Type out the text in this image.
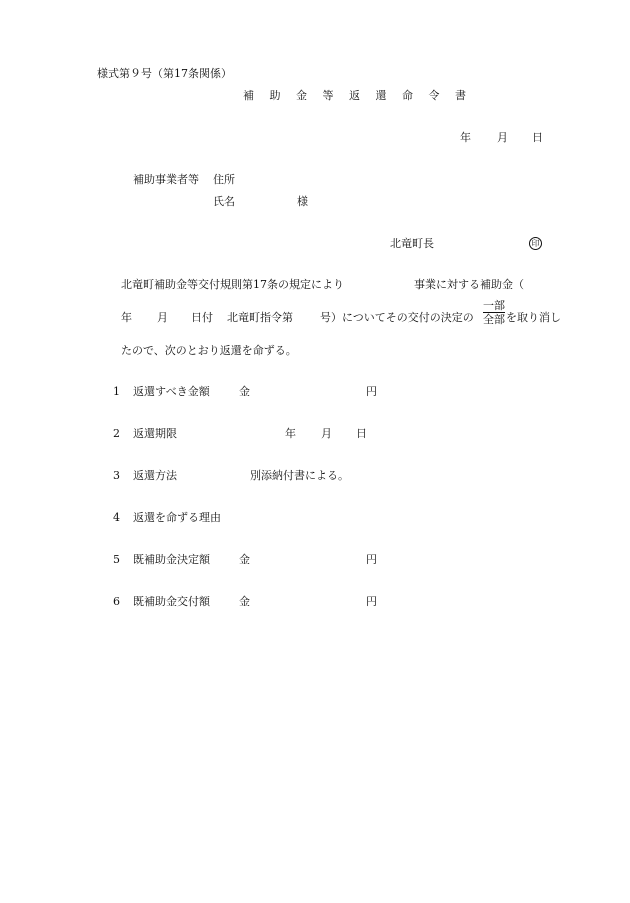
様式第９号（第17条関係）
補 助 金 等 返 還 命 令 書
年 月 日
補助事業者等 住所
氏名	様
北竜町長	印
北竜町補助金等交付規則第17条の規定により	事業に対する補助金（
年 月 日付 北竜町指令第 号）についてその交付の決定の
一部
全部 を取り消し
たので、次のとおり返還を命ずる。
1 返還すべき金額	金	円
2 返還期限	年 月 日
3 返還方法	別添納付書による。
4 返還を命ずる理由
5 既補助金決定額	金	円
6 既補助金交付額	金	円
